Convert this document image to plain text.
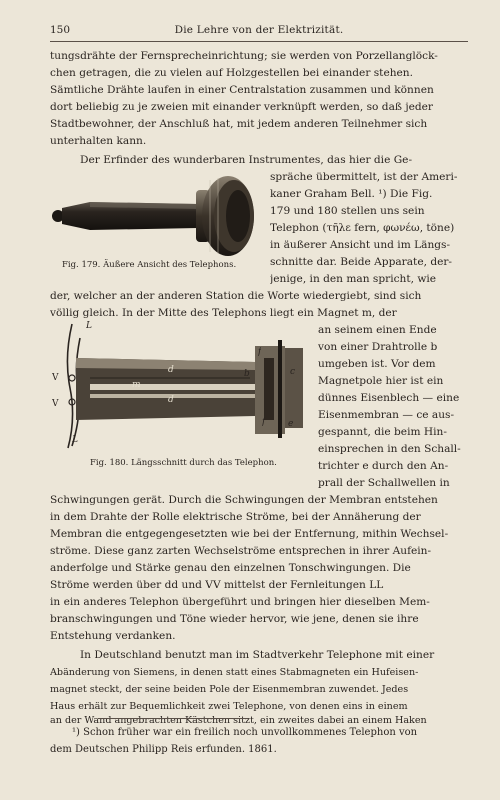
150	Die Lehre von der Elektrizität.
tungsdrähte der Fernsprecheinrichtung; sie werden von Porzellanglöck-
chen getragen, die zu vielen auf Holzgestellen bei einander stehen.
Sämtliche Drähte laufen in einer Centralstation zusammen und können
dort beliebig zu je zweien mit einander verknüpft werden, so daß jeder
Stadtbewohner, der Anschluß hat, mit jedem anderen Teilnehmer sich
unterhalten kann.
Der Erfinder des wunderbaren Instrumentes, das hier die Ge-
spräche übermittelt, ist der Ameri-
kaner Graham Bell. ¹) Die Fig.
179 und 180 stellen uns sein
Telephon (τῆλε fern, φωνέω, töne)
in äußerer Ansicht und im Längs-
schnitte dar. Beide Apparate, der-
jenige, in den man spricht, wie
der, welcher an der anderen Station die Worte wiedergiebt, sind sich
völlig gleich. In der Mitte des Telephons liegt ein Magnet m, der
an seinem einen Ende
von einer Drahtrolle b
umgeben ist. Vor dem
Magnetpole hier ist ein
dünnes Eisenblech — eine
Eisenmembran — ce aus-
gespannt, die beim Hin-
einsprechen in den Schall-
trichter e durch den An-
prall der Schallwellen in
Schwingungen gerät. Durch die Schwingungen der Membran entstehen
in dem Drahte der Rolle elektrische Ströme, bei der Annäherung der
Membran die entgegengesetzten wie bei der Entfernung, mithin Wechsel-
ströme. Diese ganz zarten Wechselströme entsprechen in ihrer Aufein-
anderfolge und Stärke genau den einzelnen Tonschwingungen. Die
Ströme werden über dd und VV mittelst der Fernleitungen LL
in ein anderes Telephon übergeführt und bringen hier dieselben Mem-
branschwingungen und Töne wieder hervor, wie jene, denen sie ihre
Entstehung verdanken.
In Deutschland benutzt man im Stadtverkehr Telephone mit einer
Abänderung von Siemens, in denen statt eines Stabmagneten ein Hufeisen-
magnet steckt, der seine beiden Pole der Eisenmembran zuwendet. Jedes
Haus erhält zur Bequemlichkeit zwei Telephone, von denen eins in einem
an der Wand angebrachten Kästchen sitzt, ein zweites dabei an einem Haken
Fig. 179. Äußere Ansicht des Telephons.
L
L
V
V
d
d
m
b	c
e
f
f
Fig. 180. Längsschnitt durch das Telephon.
¹) Schon früher war ein freilich noch unvollkommenes Telephon von
dem Deutschen Philipp Reis erfunden. 1861.
